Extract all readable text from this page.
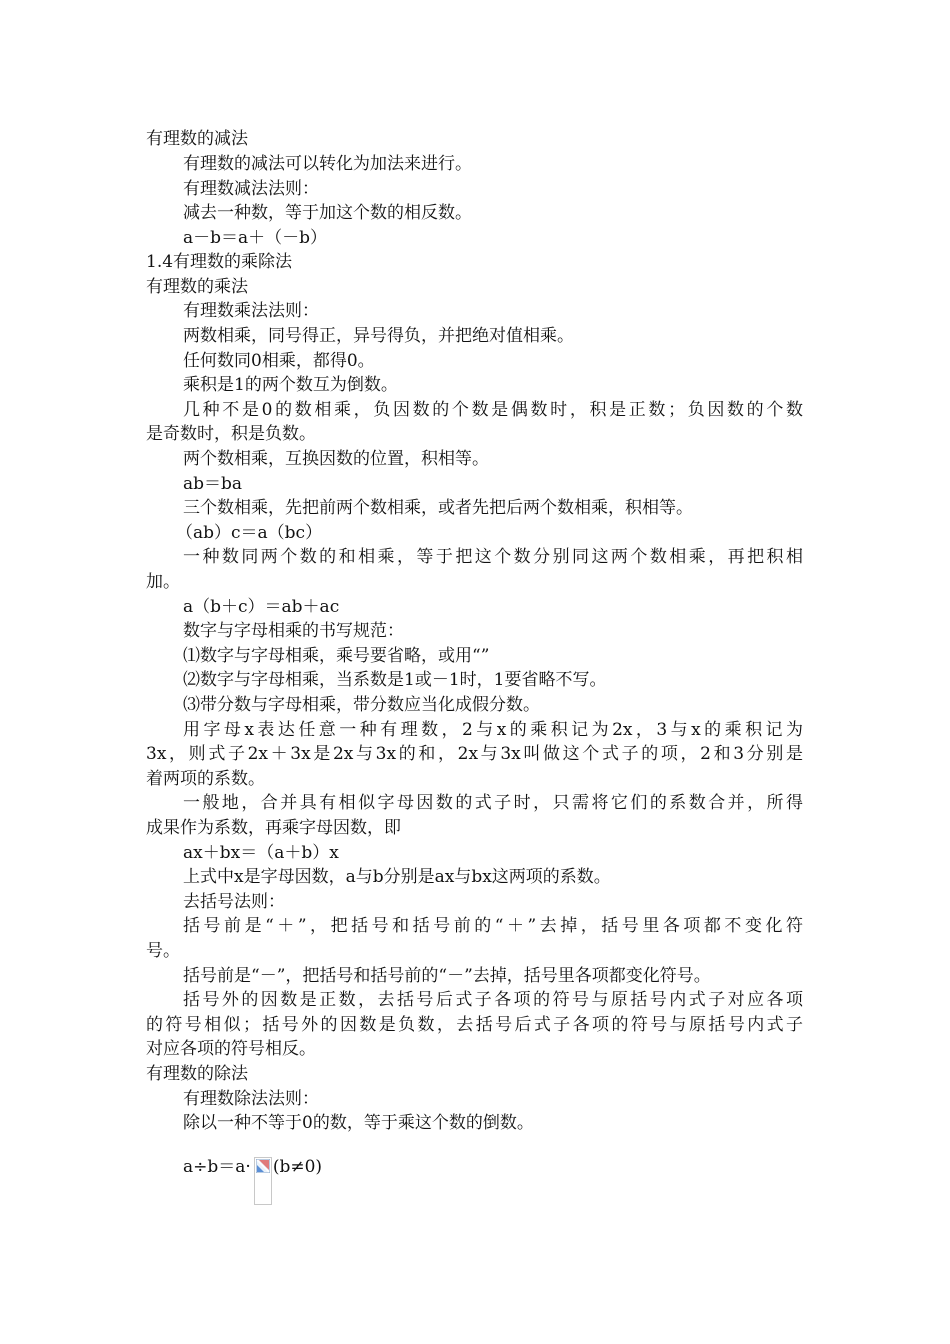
有理数的减法
有理数的减法可以转化为加法来进行。
有理数减法法则：
减去一种数，等于加这个数的相反数。
a－b＝a＋（－b）
1.4有理数的乘除法
有理数的乘法
有理数乘法法则：
两数相乘，同号得正，异号得负，并把绝对值相乘。
任何数同0相乘，都得0。
乘积是1的两个数互为倒数。
几种不是0的数相乘，负因数的个数是偶数时，积是正数；负因数的个数
是奇数时，积是负数。
两个数相乘，互换因数的位置，积相等。
ab＝ba
三个数相乘，先把前两个数相乘，或者先把后两个数相乘，积相等。
（ab）c＝a（bc）
一种数同两个数的和相乘，等于把这个数分别同这两个数相乘，再把积相
加。
a（b＋c）＝ab＋ac
数字与字母相乘的书写规范：
⑴数字与字母相乘，乘号要省略，或用“”
⑵数字与字母相乘，当系数是1或－1时，1要省略不写。
⑶带分数与字母相乘，带分数应当化成假分数。
用字母x表达任意一种有理数，2与x的乘积记为2x，3与x的乘积记为
3x，则式子2x＋3x是2x与3x的和，2x与3x叫做这个式子的项，2和3分别是
着两项的系数。
一般地，合并具有相似字母因数的式子时，只需将它们的系数合并，所得
成果作为系数，再乘字母因数，即
ax＋bx＝（a＋b）x
上式中x是字母因数，a与b分别是ax与bx这两项的系数。
去括号法则：
括号前是“＋”，把括号和括号前的“＋”去掉，括号里各项都不变化符
号。
括号前是“－”，把括号和括号前的“－”去掉，括号里各项都变化符号。
括号外的因数是正数，去括号后式子各项的符号与原括号内式子对应各项
的符号相似；括号外的因数是负数，去括号后式子各项的符号与原括号内式子
对应各项的符号相反。
有理数的除法
有理数除法法则：
除以一种不等于0的数，等于乘这个数的倒数。
a÷b＝a· (b≠0)
